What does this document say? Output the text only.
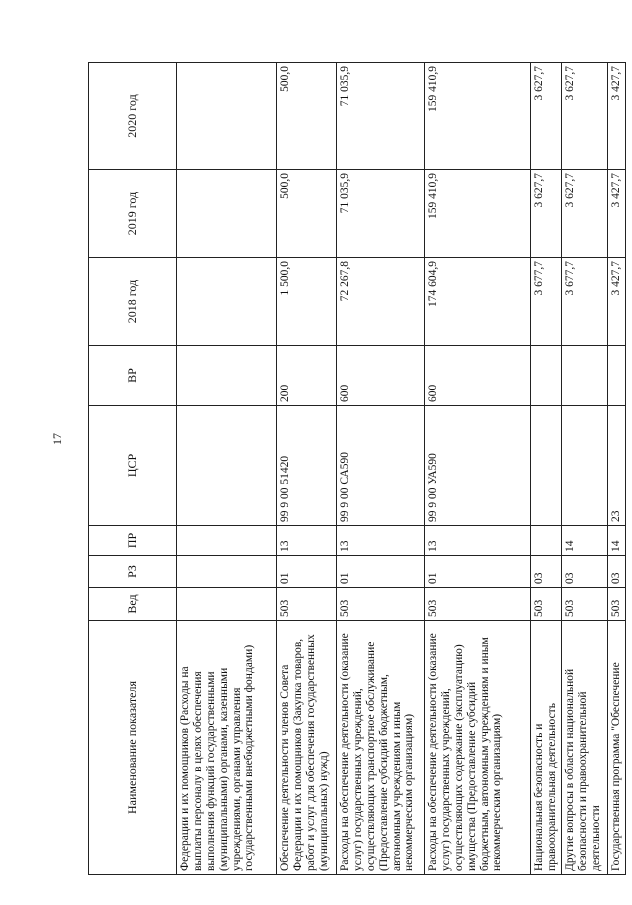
17
Наименование показателя	Вед	РЗ	ПР	ЦСР	ВР	2018 год	2019 год	2020 год
Федерации и их помощников (Расходы на выплаты персоналу в целях обеспечения выполнения функций государственными (муниципальными) органами, казенными учреждениями, органами управления государственными внебюджетными фондами)								
Обеспечение деятельности членов Совета Федерации и их помощников (Закупка товаров, работ и услуг для обеспечения государственных (муниципальных) нужд)	503	01	13	99 9 00 51420	200	1 500,0	500,0	500,0
Расходы на обеспечение деятельности (оказание услуг) государственных учреждений, осуществляющих транспортное обслуживание (Предоставление субсидий бюджетным, автономным учреждениям и иным некоммерческим организациям)	503	01	13	99 9 00 СА590	600	72 267,8	71 035,9	71 035,9
Расходы на обеспечение деятельности (оказание услуг) государственных учреждений, осуществляющих содержание (эксплуатацию) имущества (Предоставление субсидий бюджетным, автономным учреждениям и иным некоммерческим организациям)	503	01	13	99 9 00 УА590	600	174 604,9	159 410,9	159 410,9
Национальная безопасность и правоохранительная деятельность	503	03				3 677,7	3 627,7	3 627,7
Другие вопросы в области национальной безопасности и правоохранительной деятельности	503	03	14			3 677,7	3 627,7	3 627,7
Государственная программа "Обеспечение	503	03	14	23		3 427,7	3 427,7	3 427,7
